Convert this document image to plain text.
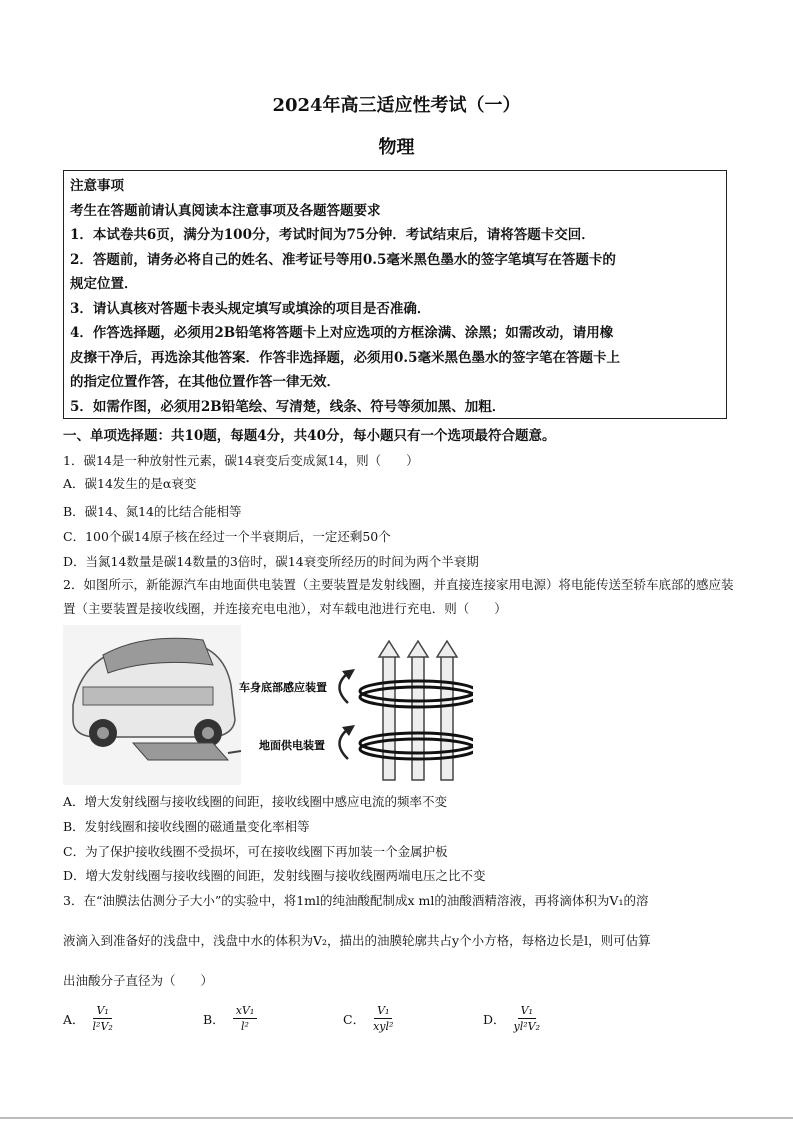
2024年高三适应性考试（一）
物理
注意事项
考生在答题前请认真阅读本注意事项及各题答题要求
1．本试卷共6页，满分为100分，考试时间为75分钟．考试结束后，请将答题卡交回．
2．答题前，请务必将自己的姓名、准考证号等用0.5毫米黑色墨水的签字笔填写在答题卡的
规定位置．
3．请认真核对答题卡表头规定填写或填涂的项目是否准确．
4．作答选择题，必须用2B铅笔将答题卡上对应选项的方框涂满、涂黑；如需改动，请用橡
皮擦干净后，再选涂其他答案．作答非选择题，必须用0.5毫米黑色墨水的签字笔在答题卡上
的指定位置作答，在其他位置作答一律无效．
5．如需作图，必须用2B铅笔绘、写清楚，线条、符号等须加黑、加粗．
一、单项选择题：共10题，每题4分，共40分，每小题只有一个选项最符合题意。
1．碳14是一种放射性元素，碳14衰变后变成氮14，则（　　）
A．碳14发生的是α衰变
B．碳14、氮14的比结合能相等
C．100个碳14原子核在经过一个半衰期后，一定还剩50个
D．当氮14数量是碳14数量的3倍时，碳14衰变所经历的时间为两个半衰期
2．如图所示，新能源汽车由地面供电装置（主要装置是发射线圈，并直接连接家用电源）将电能传送至轿车底部的感应装置（主要装置是接收线圈，并连接充电电池），对车载电池进行充电．则（　　）
车身底部感应装置
地面供电装置
A．增大发射线圈与接收线圈的间距，接收线圈中感应电流的频率不变
B．发射线圈和接收线圈的磁通量变化率相等
C．为了保护接收线圈不受损坏，可在接收线圈下再加装一个金属护板
D．增大发射线圈与接收线圈的间距，发射线圈与接收线圈两端电压之比不变
3．在“油膜法估测分子大小”的实验中，将1ml的纯油酸配制成x ml的油酸酒精溶液，再将滴体积为V₁的溶
液滴入到准备好的浅盘中，浅盘中水的体积为V₂，描出的油膜轮廓共占y个小方格，每格边长是l，则可估算
出油酸分子直径为（　　）
A． $\frac{\text{V₁}}{\text{l²V₂}}$	B． $\frac{\text{xV₁}}{\text{l²}}$	C． $\frac{\text{V₁}}{\text{xyl²}}$	D． $\frac{\text{V₁}}{\text{yl²V₂}}$
